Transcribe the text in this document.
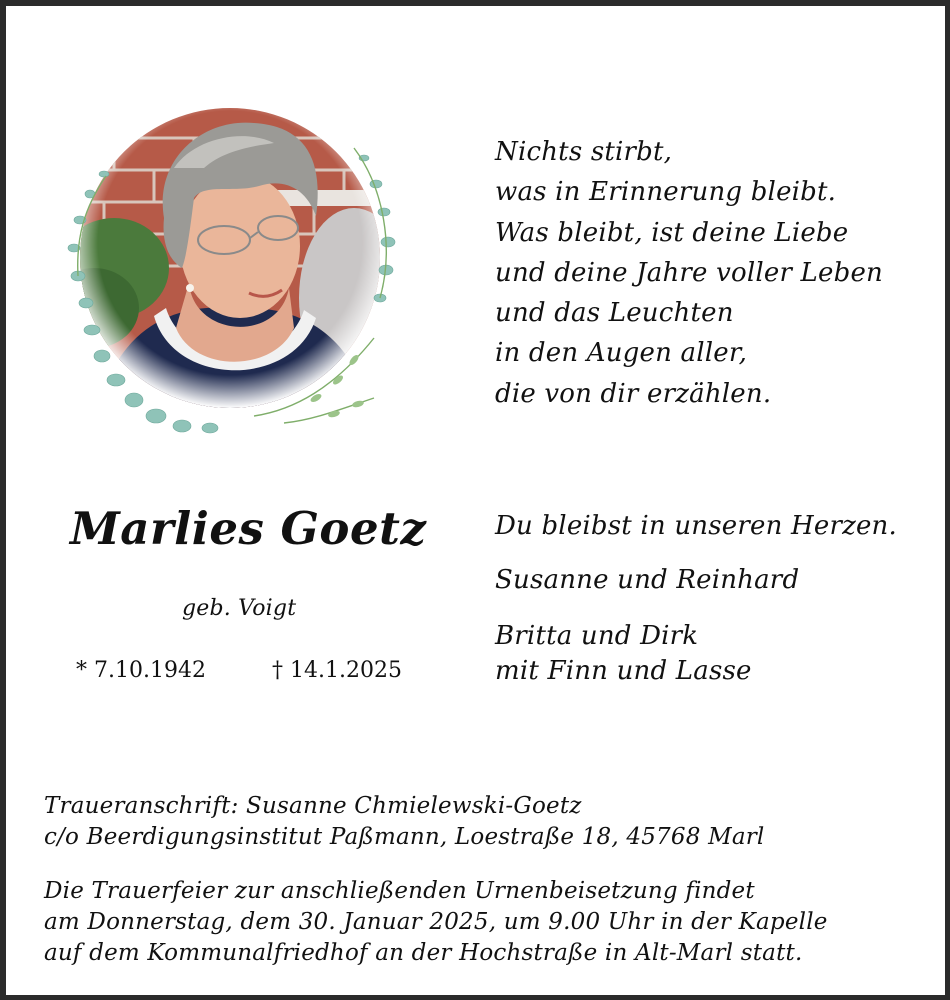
Nichts stirbt,
was in Erinnerung bleibt.
Was bleibt, ist deine Liebe
und deine Jahre voller Leben
und das Leuchten
in den Augen aller,
die von dir erzählen.
Marlies Goetz
geb. Voigt
* 7.10.1942	† 14.1.2025
Du bleibst in unseren Herzen.
Susanne und Reinhard
Britta und Dirk
mit Finn und Lasse
Traueranschrift: Susanne Chmielewski-Goetz
c/o Beerdigungsinstitut Paßmann, Loestraße 18, 45768 Marl
Die Trauerfeier zur anschließenden Urnenbeisetzung findet
am Donnerstag, dem 30. Januar 2025, um 9.00 Uhr in der Kapelle
auf dem Kommunalfriedhof an der Hochstraße in Alt-Marl statt.
